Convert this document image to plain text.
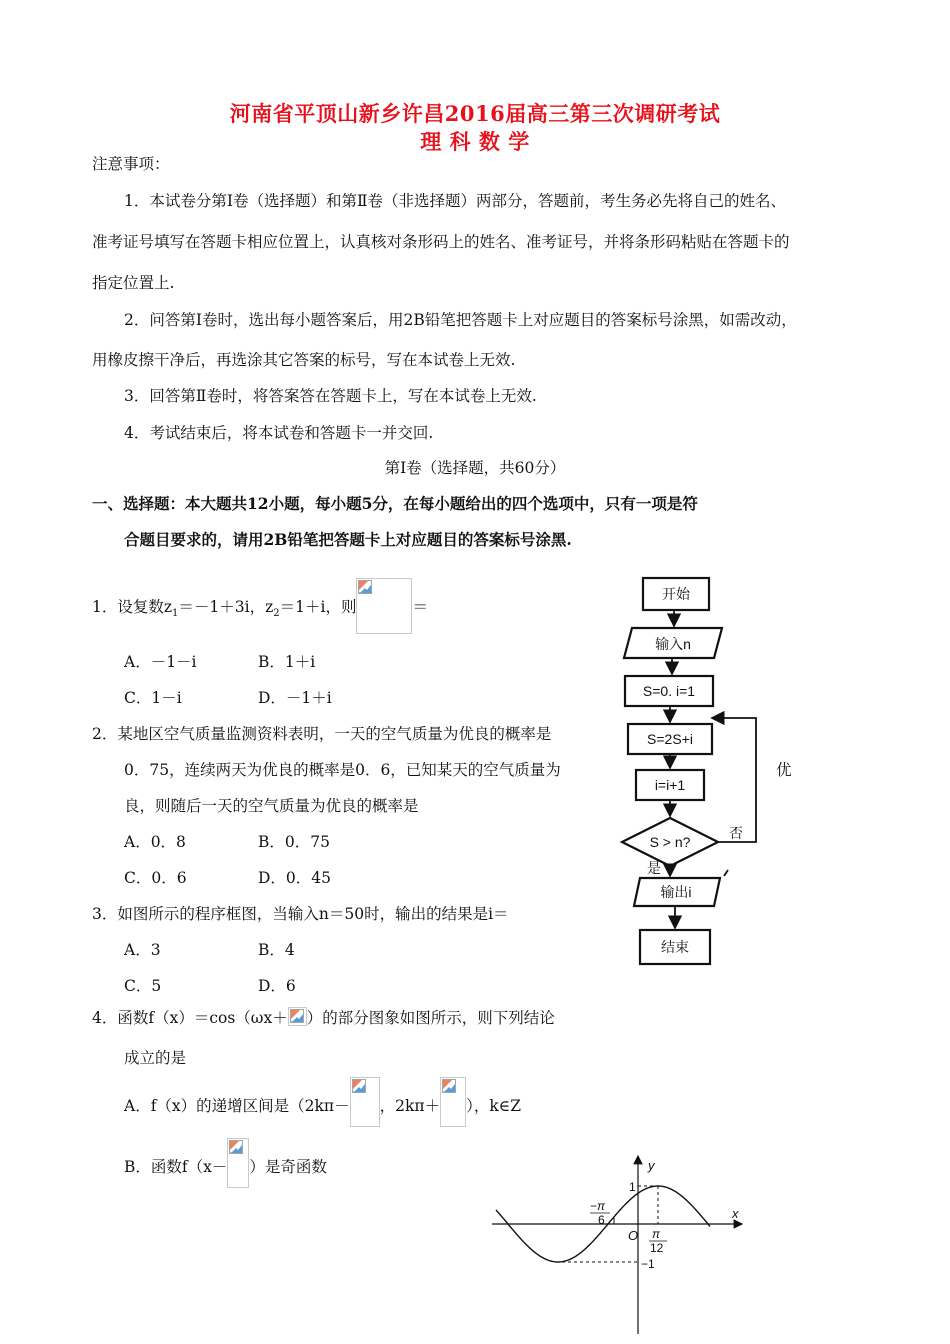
河南省平顶山新乡许昌2016届高三第三次调研考试
理 科 数 学
注意事项：
1．本试卷分第Ⅰ卷（选择题）和第Ⅱ卷（非选择题）两部分，答题前，考生务必先将自己的姓名、
准考证号填写在答题卡相应位置上，认真核对条形码上的姓名、准考证号，并将条形码粘贴在答题卡的
指定位置上.
2．问答第Ⅰ卷时，选出每小题答案后，用2B铅笔把答题卡上对应题目的答案标号涂黑，如需改动，
用橡皮擦干净后，再选涂其它答案的标号，写在本试卷上无效.
3．回答第Ⅱ卷时，将答案答在答题卡上，写在本试卷上无效.
4．考试结束后，将本试卷和答题卡一并交回.
第Ⅰ卷（选择题，共60分）
一、选择题：本大题共12小题，每小题5分，在每小题给出的四个选项中，只有一项是符
合题目要求的，请用2B铅笔把答题卡上对应题目的答案标号涂黑.
1．设复数$z_1=-1+3i$，$z_2=1+i$，则	＝
A．－1－i	B．1＋i
C．1－i	D．－1＋i
2．某地区空气质量监测资料表明，一天的空气质量为优良的概率是
0．75，连续两天为优良的概率是0．6，已知某天的空气质量为	优
良，则随后一天的空气质量为优良的概率是
A．0．8	B．0．75
C．0．6	D．0．45
3．如图所示的程序框图，当输入n＝50时，输出的结果是i＝
A．3	B．4
C．5	D．6
4．函数f（x）＝cos（ωx＋ ）的部分图象如图所示，则下列结论
成立的是
A．f（x）的递增区间是（2kπ－ ，2kπ＋ ），k∈Z
B．函数f（x－ ）是奇函数
开始
输入n
S=0. i=1
S=2S+i
i=i+1
S > n?
否
是
输出i
结束
y
x
O
1
−1
−π
6
π
12
